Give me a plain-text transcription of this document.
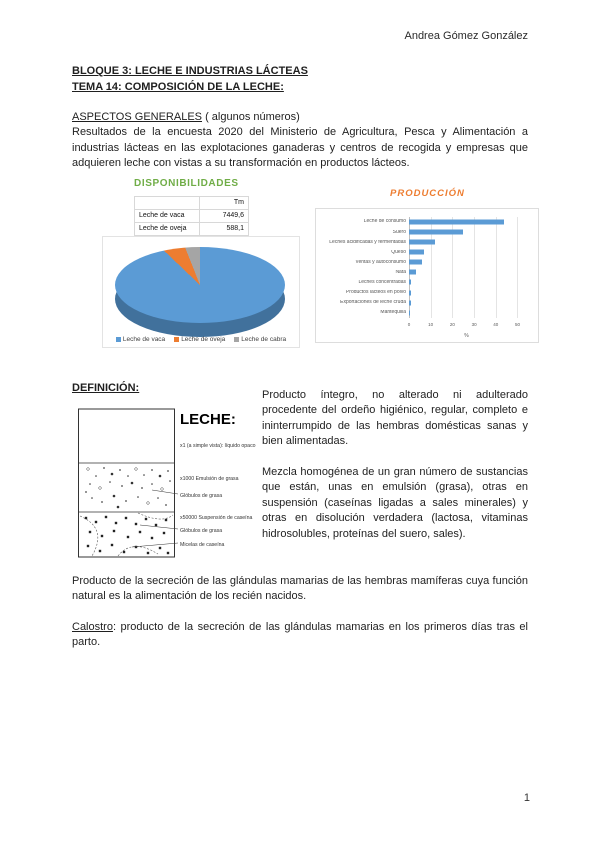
Andrea Gómez González
BLOQUE 3: LECHE E INDUSTRIAS LÁCTEAS
TEMA 14: COMPOSICIÓN DE LA LECHE:
ASPECTOS GENERALES ( algunos números)
Resultados de la encuesta 2020 del Ministerio de Agricultura, Pesca y Alimentación a industrias lácteas en las explotaciones ganaderas y centros de recogida y empresas que adquieren leche con vistas a su transformación en productos lácteos.
DISPONIBILIDADES
	Tm
Leche de vaca	7449,6
Leche de oveja	588,1

Leche de vaca Leche de oveja Leche de cabra
PRODUCCIÓN
Leche de consumo
Suero
Leches acidificadas y fermentadas
Queso
Ventas y autoconsumo
Nata
Leches concentradas
Productos lácteos en polvo
Exportaciones de leche cruda
Mantequilla
0	10	20	30	40	50
%
DEFINICIÓN:
LECHE:
x1 (a simple vista): líquido opaco
x1000 Emulsión de grasa
Glóbulos de grasa
x50000 Suspensión de caseína
Glóbulos de grasa
Micelas de caseína

Producto íntegro, no alterado ni adulterado procedente del ordeño higiénico, regular, completo e ininterrumpido de las hembras domésticas sanas y bien alimentadas.

Mezcla homogénea de un gran número de sustancias que están, unas en emulsión (grasa), otras en suspensión (caseínas ligadas a sales minerales) y otras en disolución verdadera (lactosa, vitaminas hidrosolubles, proteínas del suero, sales).

Producto de la secreción de las glándulas mamarias de las hembras mamíferas cuya función natural es la alimentación de los recién nacidos.
Calostro: producto de la secreción de las glándulas mamarias en los primeros días tras el parto.
1
